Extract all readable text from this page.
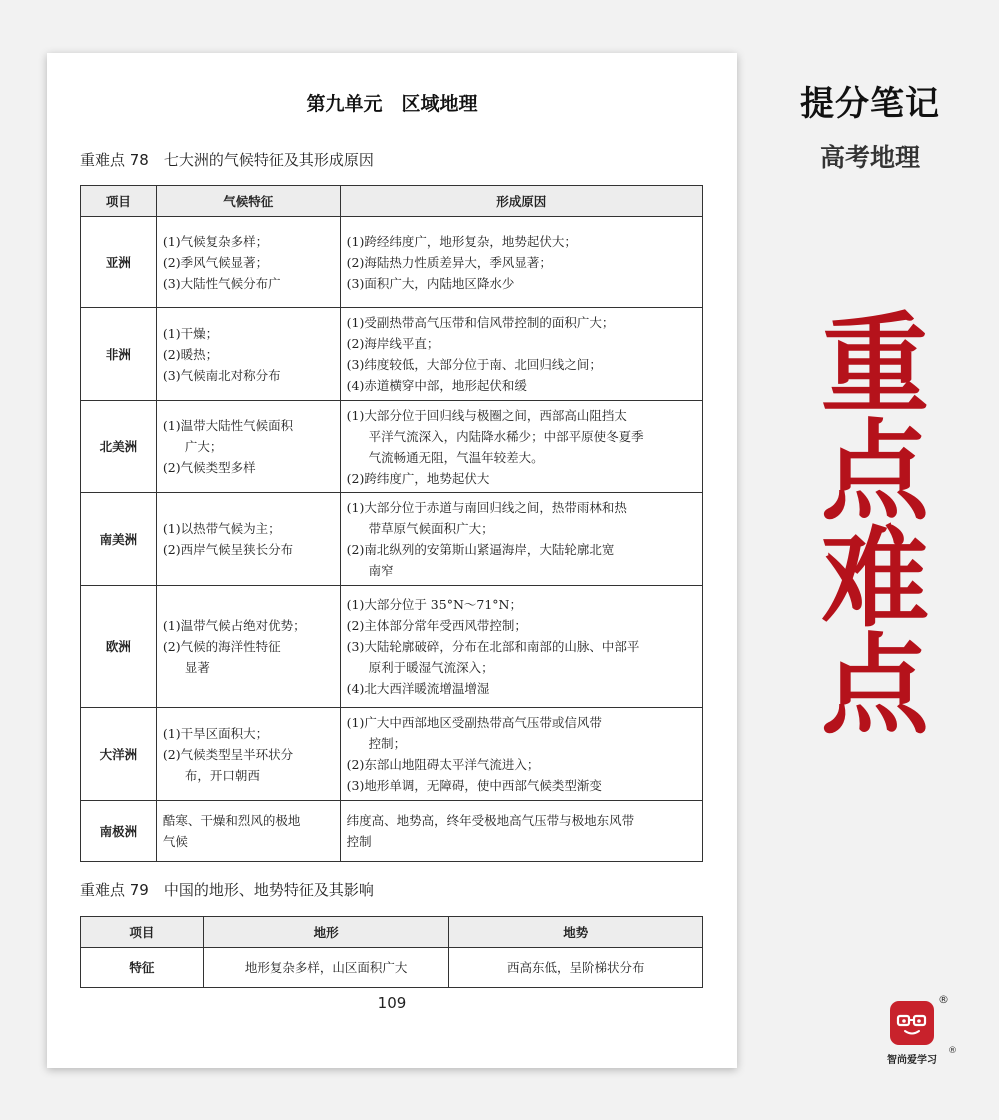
第九单元　区域地理
重难点 78　七大洲的气候特征及其形成原因
项目	气候特征	形成原因
亚洲	(1)气候复杂多样；
(2)季风气候显著；
(3)大陆性气候分布广	(1)跨经纬度广，地形复杂，地势起伏大；
(2)海陆热力性质差异大，季风显著；
(3)面积广大，内陆地区降水少

非洲	(1)干燥；
(2)暖热；
(3)气候南北对称分布	(1)受副热带高气压带和信风带控制的面积广大；
(2)海岸线平直；
(3)纬度较低，大部分位于南、北回归线之间；
(4)赤道横穿中部，地形起伏和缓

北美洲	(1)温带大陆性气候面积
广大；
(2)气候类型多样	(1)大部分位于回归线与极圈之间，西部高山阻挡太
平洋气流深入，内陆降水稀少；中部平原使冬夏季
气流畅通无阻，气温年较差大。
(2)跨纬度广，地势起伏大

南美洲	(1)以热带气候为主；
(2)西岸气候呈狭长分布	(1)大部分位于赤道与南回归线之间，热带雨林和热
带草原气候面积广大；
(2)南北纵列的安第斯山紧逼海岸，大陆轮廓北宽
南窄

欧洲	(1)温带气候占绝对优势；
(2)气候的海洋性特征
显著	(1)大部分位于 35°N～71°N；
(2)主体部分常年受西风带控制；
(3)大陆轮廓破碎，分布在北部和南部的山脉、中部平
原利于暖湿气流深入；
(4)北大西洋暖流增温增湿

大洋洲	(1)干旱区面积大；
(2)气候类型呈半环状分
布，开口朝西	(1)广大中西部地区受副热带高气压带或信风带
控制；
(2)东部山地阻碍太平洋气流进入；
(3)地形单调，无障碍，使中西部气候类型渐变

南极洲	酷寒、干燥和烈风的极地
气候	纬度高、地势高，终年受极地高气压带与极地东风带
控制
重难点 79　中国的地形、地势特征及其影响
项目	地形	地势
特征	地形复杂多样，山区面积广大	西高东低，呈阶梯状分布
109
提分笔记
高考地理
重
点
难
点
®
智尚爱学习
®
